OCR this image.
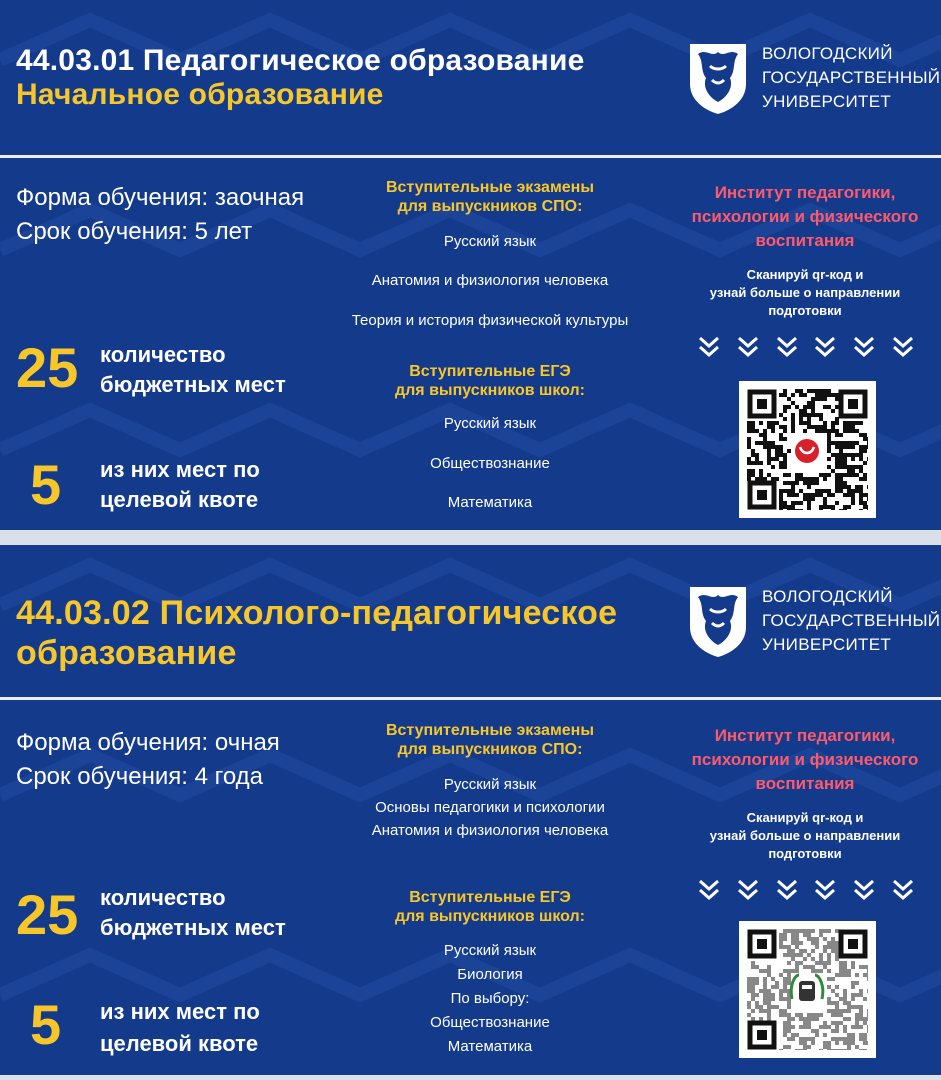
44.03.01 Педагогическое образование
Начальное образование
ВОЛОГОДСКИЙ
ГОСУДАРСТВЕННЫЙ
УНИВЕРСИТЕТ
Форма обучения: заочная
Срок обучения: 5 лет
25 количество
бюджетных мест
5 из них мест по
целевой квоте
Вступительные экзамены
для выпускников СПО:
Русский язык
Анатомия и физиология человека
Теория и история физической культуры
Вступительные ЕГЭ
для выпускников школ:
Русский язык
Обществознание
Математика
Институт педагогики,
психологии и физического
воспитания
Сканируй qr-код и
узнай больше о направлении
подготовки
44.03.02 Психолого-педагогическое
образование
ВОЛОГОДСКИЙ
ГОСУДАРСТВЕННЫЙ
УНИВЕРСИТЕТ
Форма обучения: очная
Срок обучения: 4 года
25 количество
бюджетных мест
5 из них мест по
целевой квоте
Вступительные экзамены
для выпускников СПО:
Русский язык
Основы педагогики и психологии
Анатомия и физиология человека
Вступительные ЕГЭ
для выпускников школ:
Русский язык
Биология
По выбору:
Обществознание
Математика
Институт педагогики,
психологии и физического
воспитания
Сканируй qr-код и
узнай больше о направлении
подготовки
